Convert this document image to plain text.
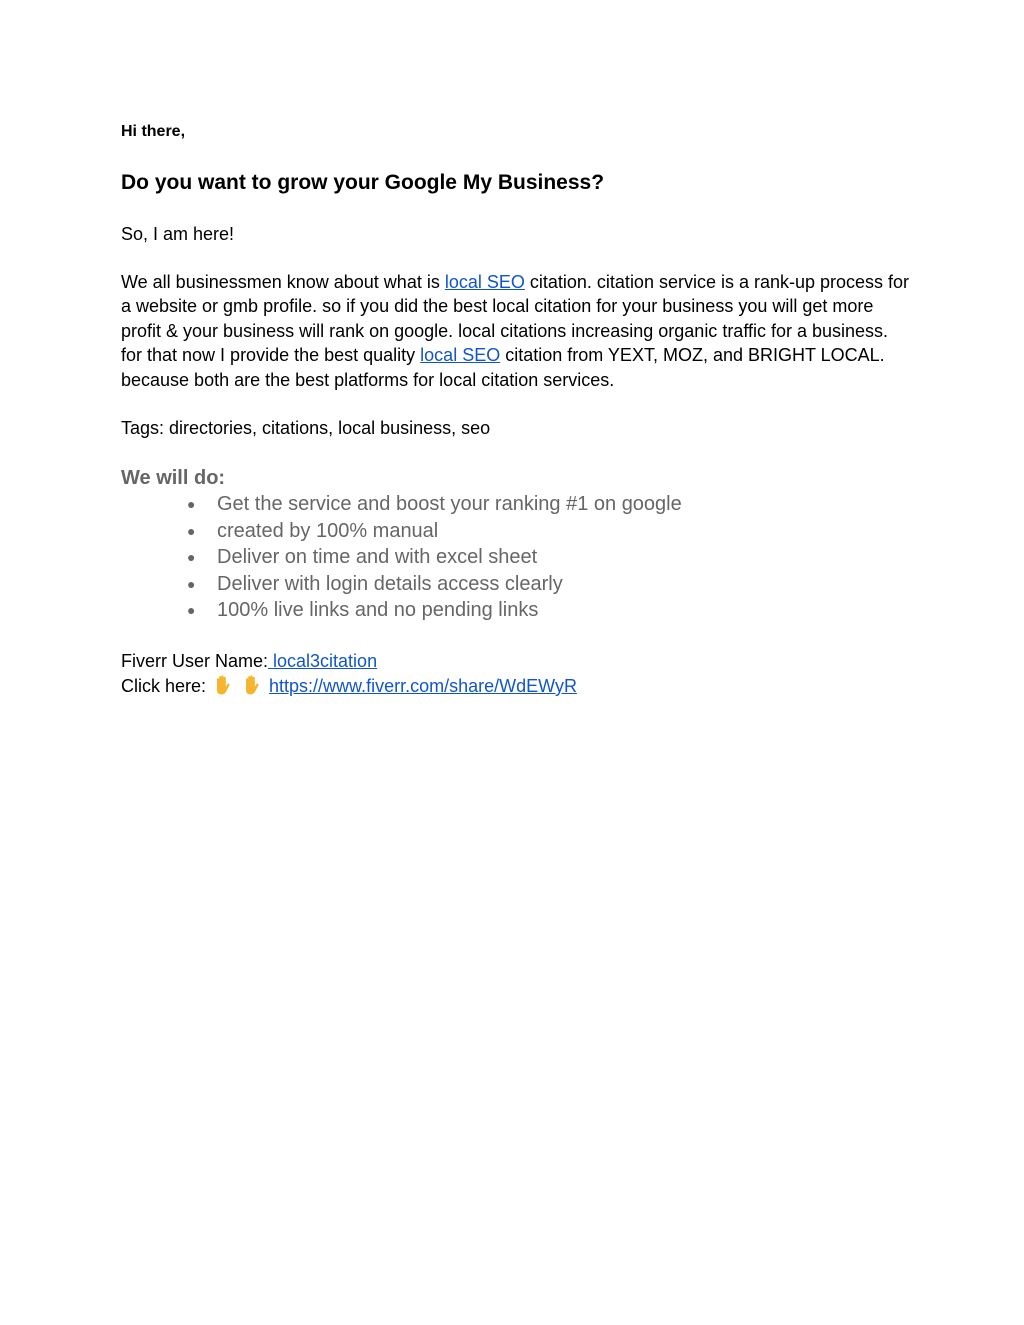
Hi there,
Do you want to grow your Google My Business?
So, I am here!
We all businessmen know about what is local SEO citation. citation service is a rank-up process for a website or gmb profile. so if you did the best local citation for your business you will get more profit & your business will rank on google. local citations increasing organic traffic for a business. for that now I provide the best quality local SEO citation from YEXT, MOZ, and BRIGHT LOCAL. because both are the best platforms for local citation services.
Tags: directories, citations, local business, seo
We will do:
● Get the service and boost your ranking #1 on google
● created by 100% manual
● Deliver on time and with excel sheet
● Deliver with login details access clearly
● 100% live links and no pending links
Fiverr User Name: local3citation
Click here:	https://www.fiverr.com/share/WdEWyR
